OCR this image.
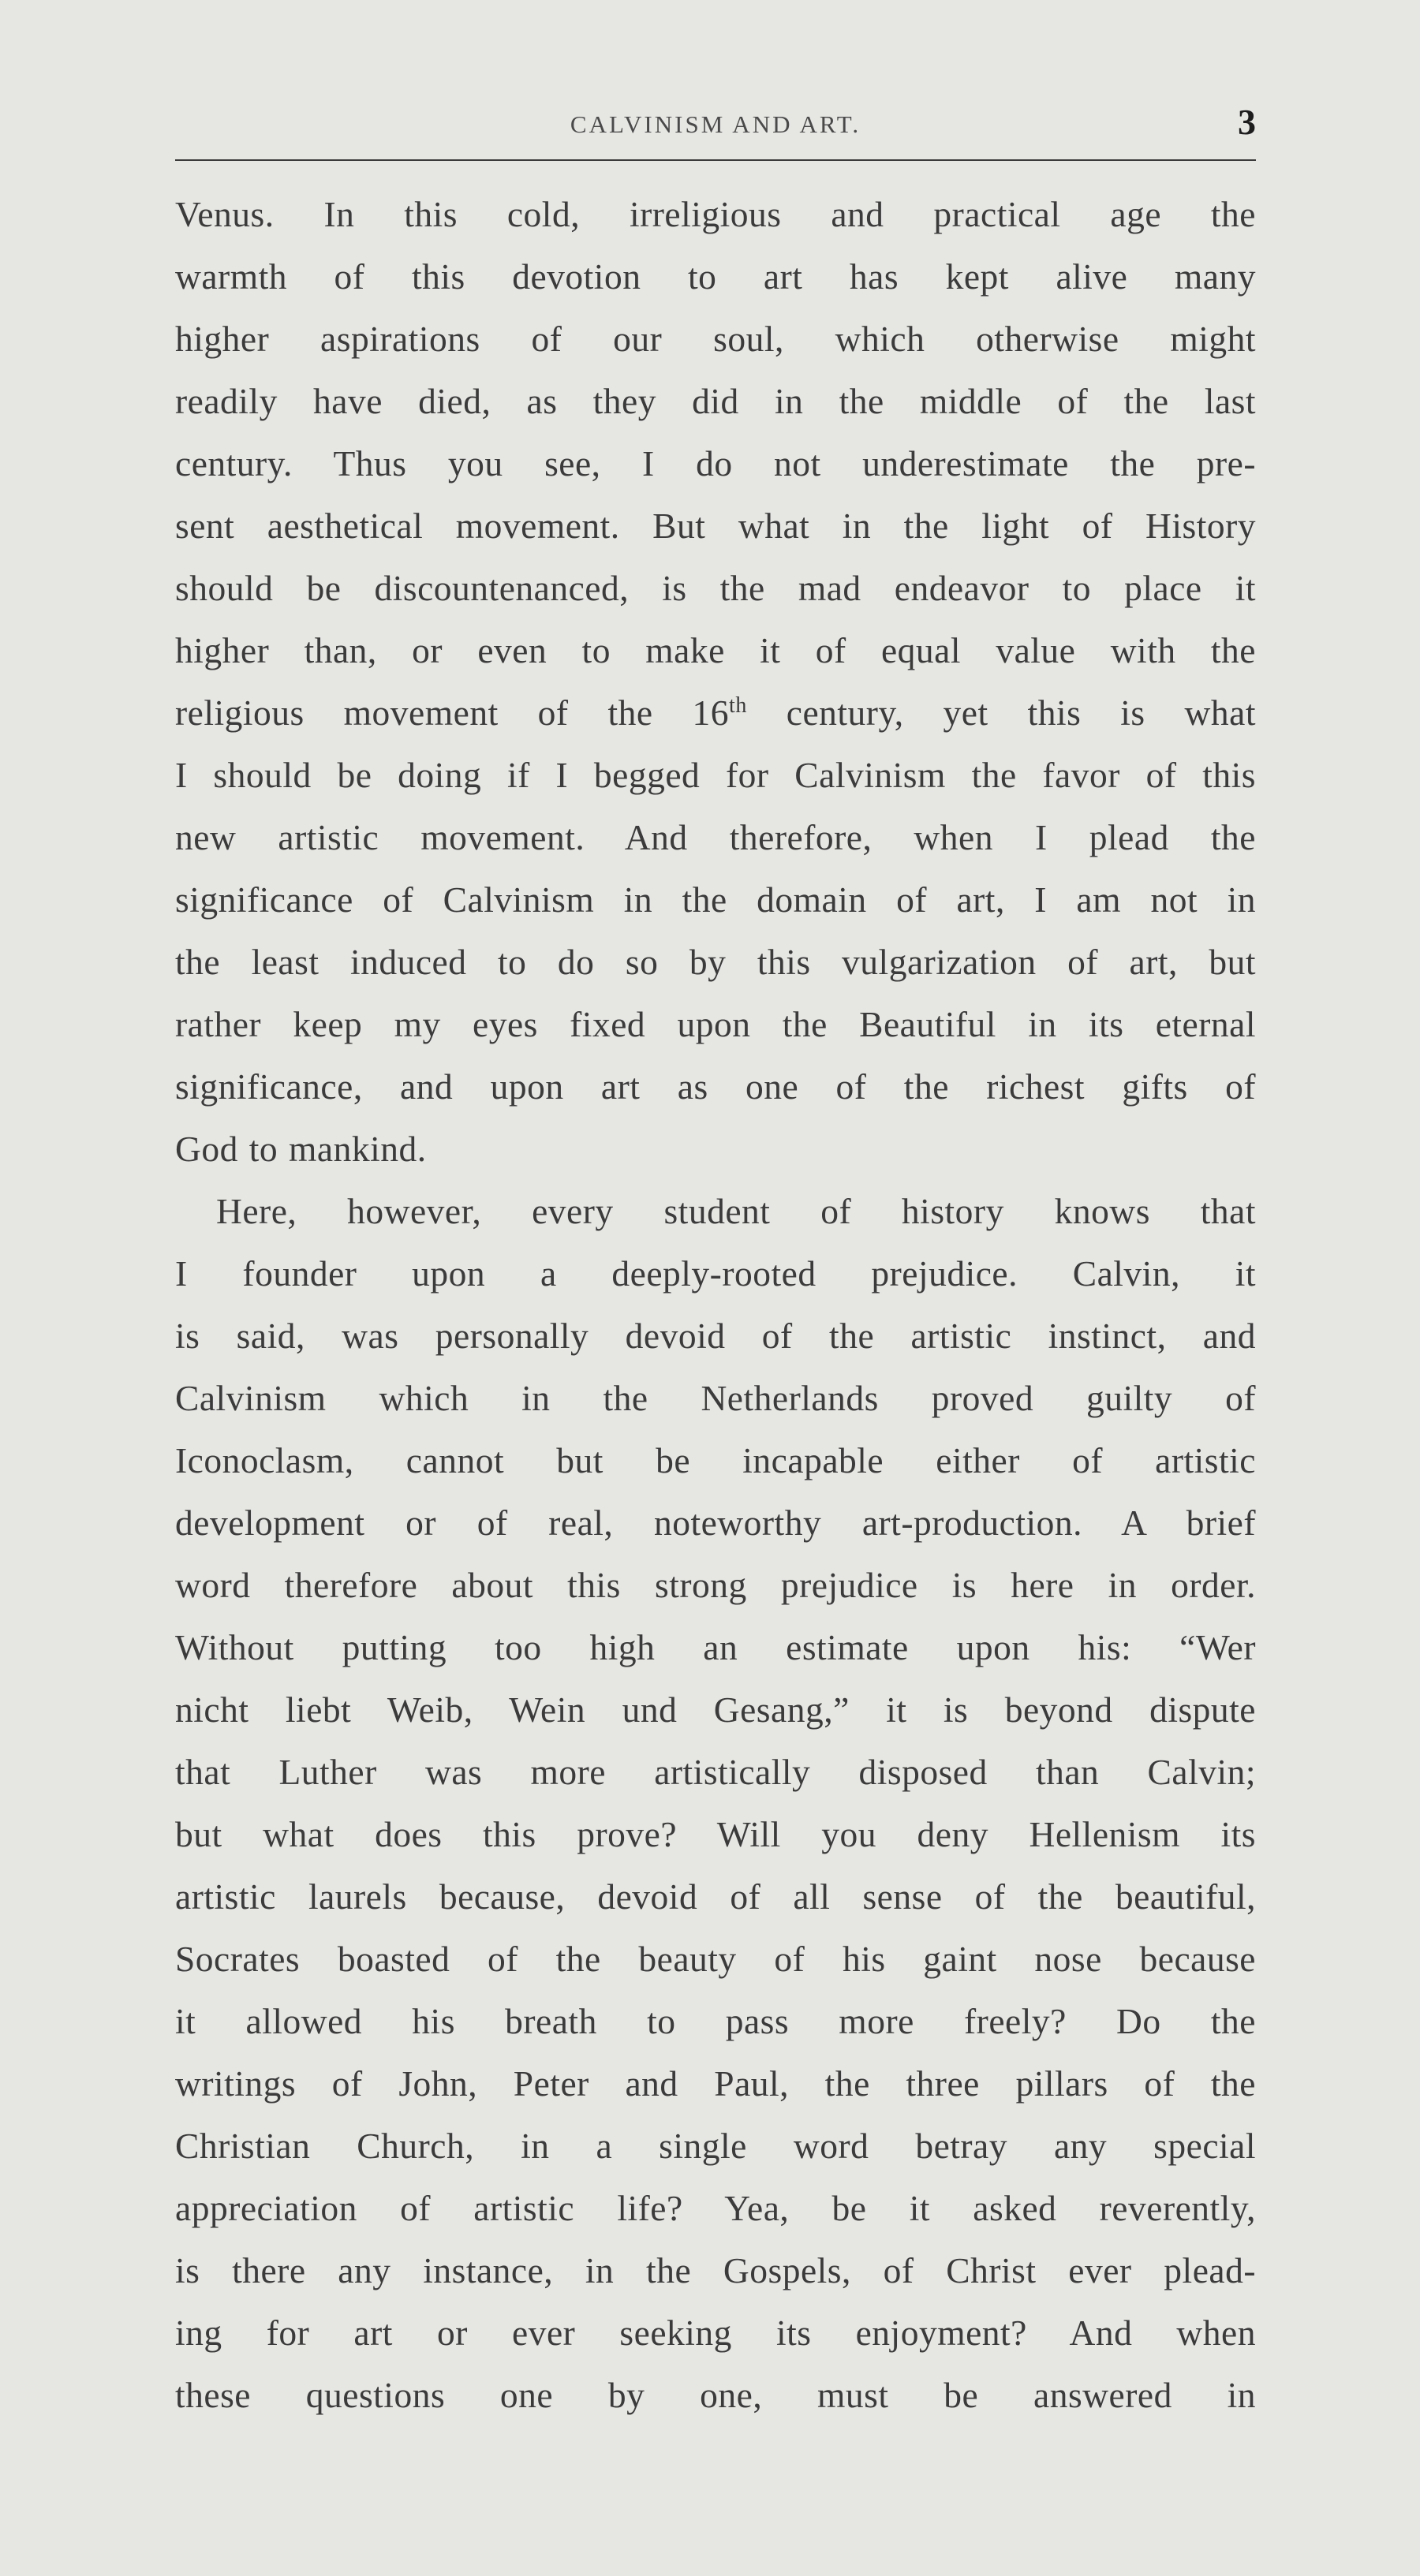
CALVINISM AND ART.	3

Venus. In this cold, irreligious and practical age the
warmth of this devotion to art has kept alive many
higher aspirations of our soul, which otherwise might
readily have died, as they did in the middle of the last
century. Thus you see, I do not underestimate the pre-
sent aesthetical movement. But what in the light of History
should be discountenanced, is the mad endeavor to place it
higher than, or even to make it of equal value with the
religious movement of the 16th century, yet this is what
I should be doing if I begged for Calvinism the favor of this
new artistic movement. And therefore, when I plead the
significance of Calvinism in the domain of art, I am not in
the least induced to do so by this vulgarization of art, but
rather keep my eyes fixed upon the Beautiful in its eternal
significance, and upon art as one of the richest gifts of
God to mankind.

Here, however, every student of history knows that
I founder upon a deeply-rooted prejudice. Calvin, it
is said, was personally devoid of the artistic instinct, and
Calvinism which in the Netherlands proved guilty of
Iconoclasm, cannot but be incapable either of artistic
development or of real, noteworthy art-production. A brief
word therefore about this strong prejudice is here in order.
Without putting too high an estimate upon his: “Wer
nicht liebt Weib, Wein und Gesang,” it is beyond dispute
that Luther was more artistically disposed than Calvin;
but what does this prove? Will you deny Hellenism its
artistic laurels because, devoid of all sense of the beautiful,
Socrates boasted of the beauty of his gaint nose because
it allowed his breath to pass more freely? Do the
writings of John, Peter and Paul, the three pillars of the
Christian Church, in a single word betray any special
appreciation of artistic life? Yea, be it asked reverently,
is there any instance, in the Gospels, of Christ ever plead-
ing for art or ever seeking its enjoyment? And when
these questions one by one, must be answered in
